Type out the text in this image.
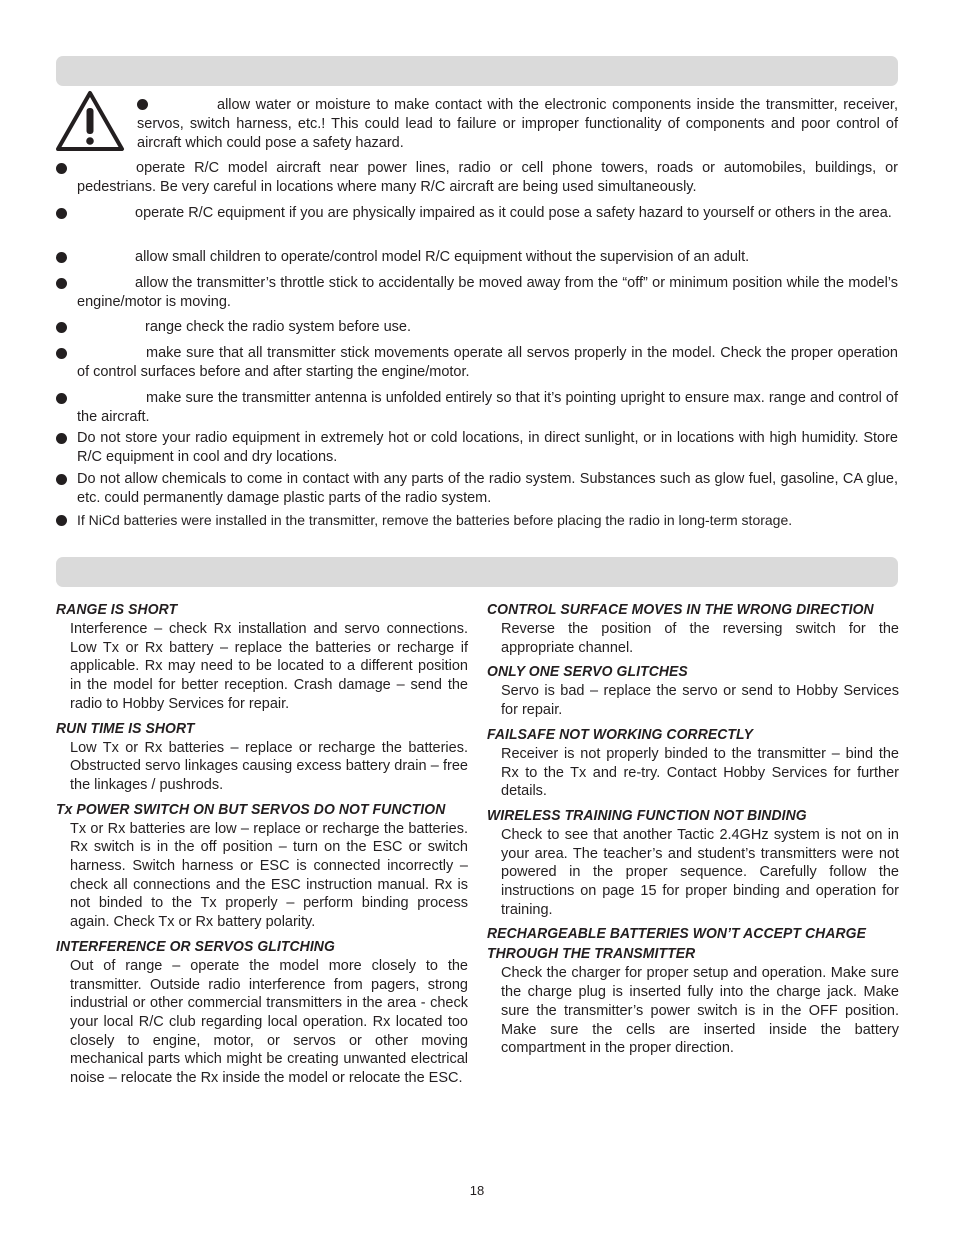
allow water or moisture to make contact with the electronic components inside the transmitter, receiver, servos, switch harness, etc.! This could lead to failure or improper functionality of components and poor control of aircraft which could pose a safety hazard.
operate R/C model aircraft near power lines, radio or cell phone towers, roads or automobiles, buildings, or pedestrians. Be very careful in locations where many R/C aircraft are being used simultaneously.
operate R/C equipment if you are physically impaired as it could pose a safety hazard to yourself or others in the area.
allow small children to operate/control model R/C equipment without the supervision of an adult.
allow the transmitter’s throttle stick to accidentally be moved away from the “off” or minimum position while the model’s engine/motor is moving.
range check the radio system before use.
make sure that all transmitter stick movements operate all servos properly in the model. Check the proper operation of control surfaces before and after starting the engine/motor.
make sure the transmitter antenna is unfolded entirely so that it’s pointing upright to ensure max. range and control of the aircraft.
Do not store your radio equipment in extremely hot or cold locations, in direct sunlight, or in locations with high humidity. Store R/C equipment in cool and dry locations.
Do not allow chemicals to come in contact with any parts of the radio system. Substances such as glow fuel, gasoline, CA glue, etc. could permanently damage plastic parts of the radio system.
If NiCd batteries were installed in the transmitter, remove the batteries before placing the radio in long-term storage.

RANGE IS SHORT

Interference – check Rx installation and servo connections. Low Tx or Rx battery – replace the batteries or recharge if applicable. Rx may need to be located to a different position in the model for better reception. Crash damage – send the radio to Hobby Services for repair.

RUN TIME IS SHORT

Low Tx or Rx batteries – replace or recharge the batteries. Obstructed servo linkages causing excess battery drain – free the linkages / pushrods.

Tx POWER SWITCH ON BUT SERVOS DO NOT FUNCTION

Tx or Rx batteries are low – replace or recharge the batteries. Rx switch is in the off position – turn on the ESC or switch harness. Switch harness or ESC is connected incorrectly – check all connections and the ESC instruction manual. Rx is not binded to the Tx properly – perform binding process again. Check Tx or Rx battery polarity.

INTERFERENCE OR SERVOS GLITCHING

Out of range – operate the model more closely to the transmitter. Outside radio interference from pagers, strong industrial or other commercial transmitters in the area - check your local R/C club regarding local operation. Rx located too closely to engine, motor, or servos or other moving mechanical parts which might be creating unwanted electrical noise – relocate the Rx inside the model or relocate the ESC.

CONTROL SURFACE MOVES IN THE WRONG DIRECTION

Reverse the position of the reversing switch for the appropriate channel.

ONLY ONE SERVO GLITCHES

Servo is bad – replace the servo or send to Hobby Services for repair.

FAILSAFE NOT WORKING CORRECTLY

Receiver is not properly binded to the transmitter – bind the Rx to the Tx and re-try. Contact Hobby Services for further details.

WIRELESS TRAINING FUNCTION NOT BINDING

Check to see that another Tactic 2.4GHz system is not on in your area. The teacher’s and student’s transmitters were not powered in the proper sequence. Carefully follow the instructions on page 15 for proper binding and operation for training.

RECHARGEABLE BATTERIES WON’T ACCEPT CHARGE THROUGH THE TRANSMITTER

Check the charger for proper setup and operation. Make sure the charge plug is inserted fully into the charge jack. Make sure the transmitter’s power switch is in the OFF position. Make sure the cells are inserted inside the battery compartment in the proper direction.

18
